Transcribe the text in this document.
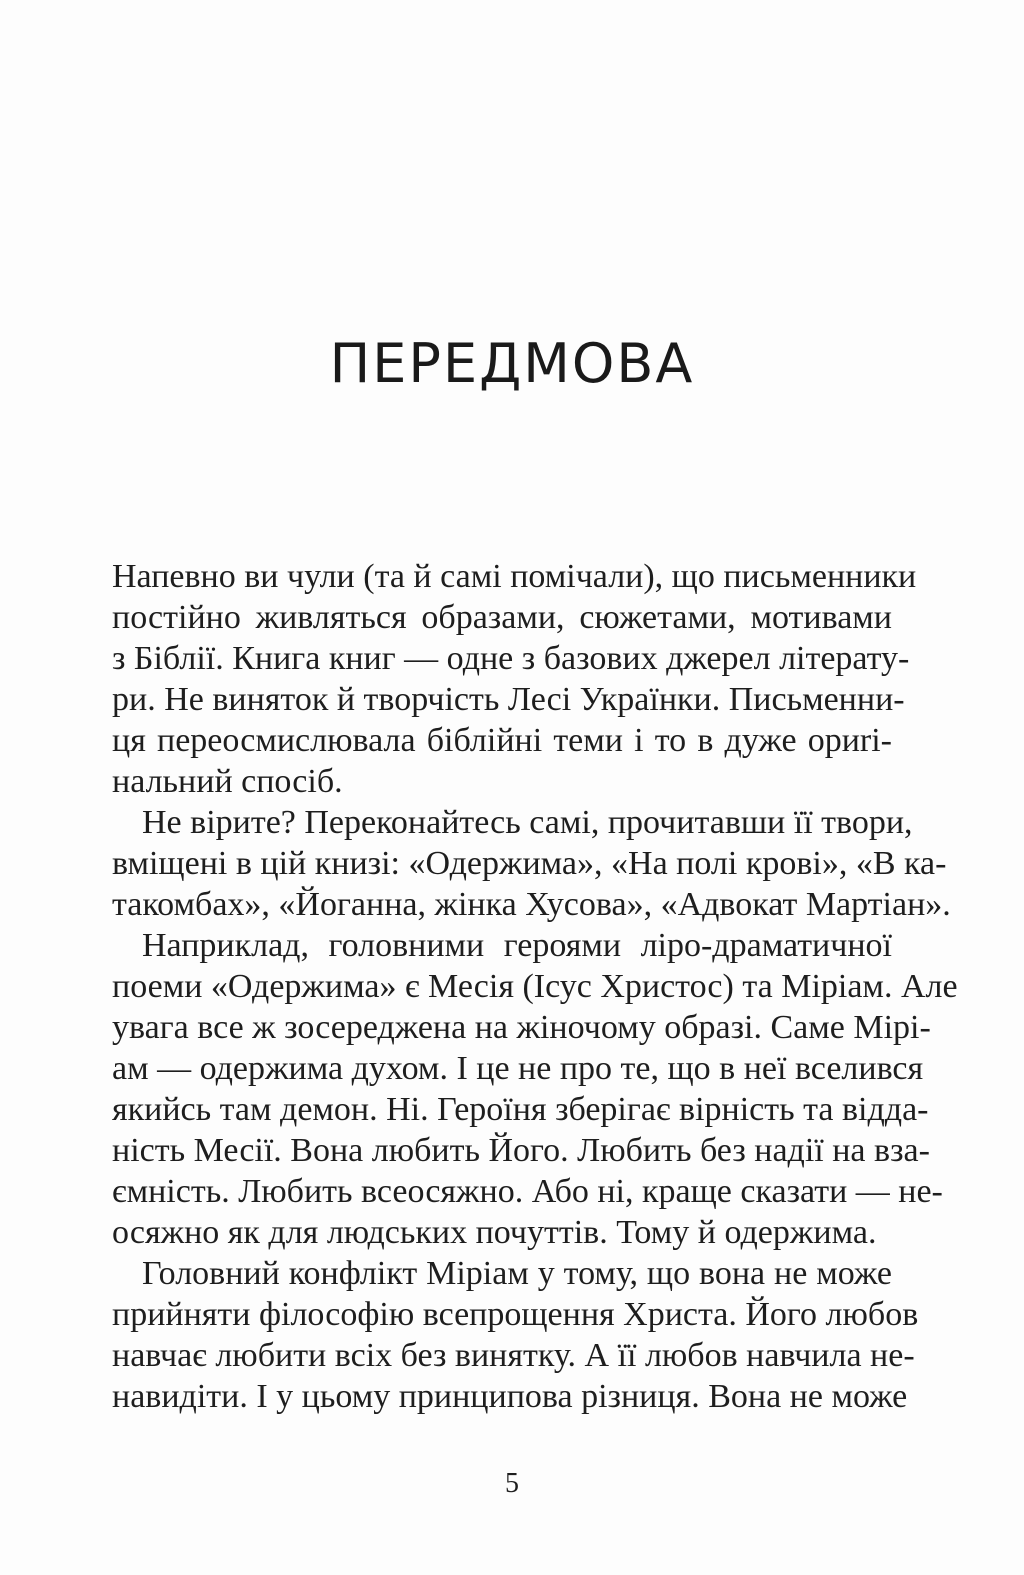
ПЕРЕДМОВА
Напевно ви чули (та й самі помічали), що письменники
постійно живляться образами, сюжетами, мотивами
з Біблії. Книга книг — одне з базових джерел літерату-
ри. Не виняток й творчість Лесі Українки. Письменни-
ця переосмислювала біблійні теми і то в дуже ориrі-
нальний спосіб.
Не вірите? Переконайтесь самі, прочитавши її твори,
вміщені в цій книзі: «Одержима», «На полі крові», «В ка-
такомбах», «Йоганна, жінка Хусова», «Адвокат Мартіан».
Наприклад, головними героями ліро-драматичної
поеми «Одержима» є Месія (Ісус Христос) та Міріам. Але
увага все ж зосереджена на жіночому образі. Саме Мірі-
ам — одержима духом. І це не про те, що в неї вселився
якийсь там демон. Ні. Героїня зберігає вірність та відда-
ність Месії. Вона любить Його. Любить без надії на вза-
ємність. Любить всеосяжно. Або ні, краще сказати — не-
осяжно як для людських почуттів. Тому й одержима.
Головний конфлікт Міріам у тому, що вона не може
прийняти філософію всепрощення Христа. Його любов
навчає любити всіх без винятку. А її любов навчила не-
навидіти. І у цьому принципова різниця. Вона не може
5
